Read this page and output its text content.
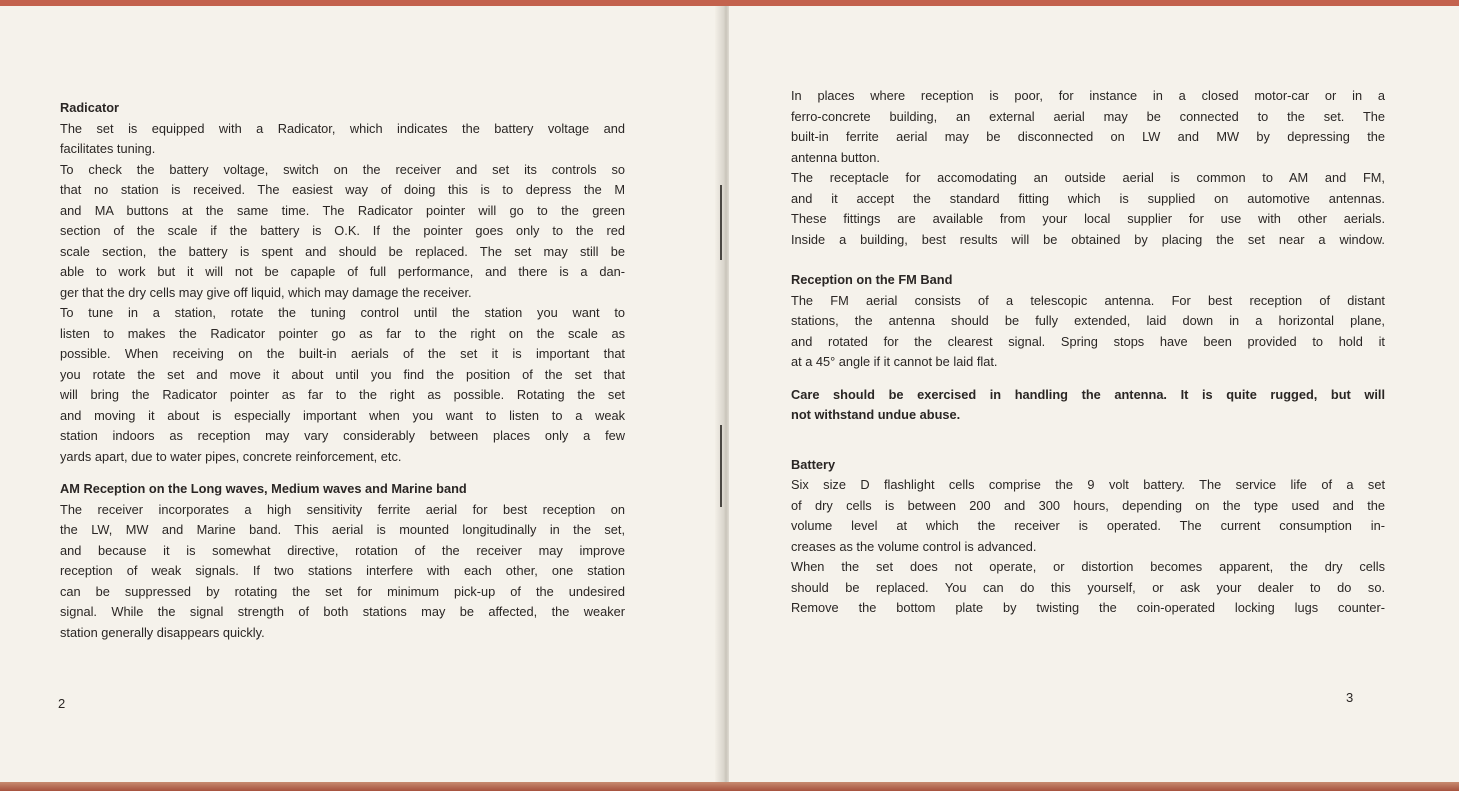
Radicator

The set is equipped with a Radicator, which indicates the battery voltage and
facilitates tuning.
To check the battery voltage, switch on the receiver and set its controls so
that no station is received. The easiest way of doing this is to depress the M
and MA buttons at the same time. The Radicator pointer will go to the green
section of the scale if the battery is O.K. If the pointer goes only to the red
scale section, the battery is spent and should be replaced. The set may still be
able to work but it will not be capaple of full performance, and there is a dan-
ger that the dry cells may give off liquid, which may damage the receiver.
To tune in a station, rotate the tuning control until the station you want to
listen to makes the Radicator pointer go as far to the right on the scale as
possible. When receiving on the built-in aerials of the set it is important that
you rotate the set and move it about until you find the position of the set that
will bring the Radicator pointer as far to the right as possible. Rotating the set
and moving it about is especially important when you want to listen to a weak
station indoors as reception may vary considerably between places only a few
yards apart, due to water pipes, concrete reinforcement, etc.

AM Reception on the Long waves, Medium waves and Marine band

The receiver incorporates a high sensitivity ferrite aerial for best reception on
the LW, MW and Marine band. This aerial is mounted longitudinally in the set,
and because it is somewhat directive, rotation of the receiver may improve
reception of weak signals. If two stations interfere with each other, one station
can be suppressed by rotating the set for minimum pick-up of the undesired
signal. While the signal strength of both stations may be affected, the weaker
station generally disappears quickly.

2

In places where reception is poor, for instance in a closed motor-car or in a
ferro-concrete building, an external aerial may be connected to the set. The
built-in ferrite aerial may be disconnected on LW and MW by depressing the
antenna button.
The receptacle for accomodating an outside aerial is common to AM and FM,
and it accept the standard fitting which is supplied on automotive antennas.
These fittings are available from your local supplier for use with other aerials.
Inside a building, best results will be obtained by placing the set near a window.

Reception on the FM Band

The FM aerial consists of a telescopic antenna. For best reception of distant
stations, the antenna should be fully extended, laid down in a horizontal plane,
and rotated for the clearest signal. Spring stops have been provided to hold it
at a 45° angle if it cannot be laid flat.

Care should be exercised in handling the antenna. It is quite rugged, but will
not withstand undue abuse.

Battery

Six size D flashlight cells comprise the 9 volt battery. The service life of a set
of dry cells is between 200 and 300 hours, depending on the type used and the
volume level at which the receiver is operated. The current consumption in-
creases as the volume control is advanced.
When the set does not operate, or distortion becomes apparent, the dry cells
should be replaced. You can do this yourself, or ask your dealer to do so.
Remove the bottom plate by twisting the coin-operated locking lugs counter-

3
